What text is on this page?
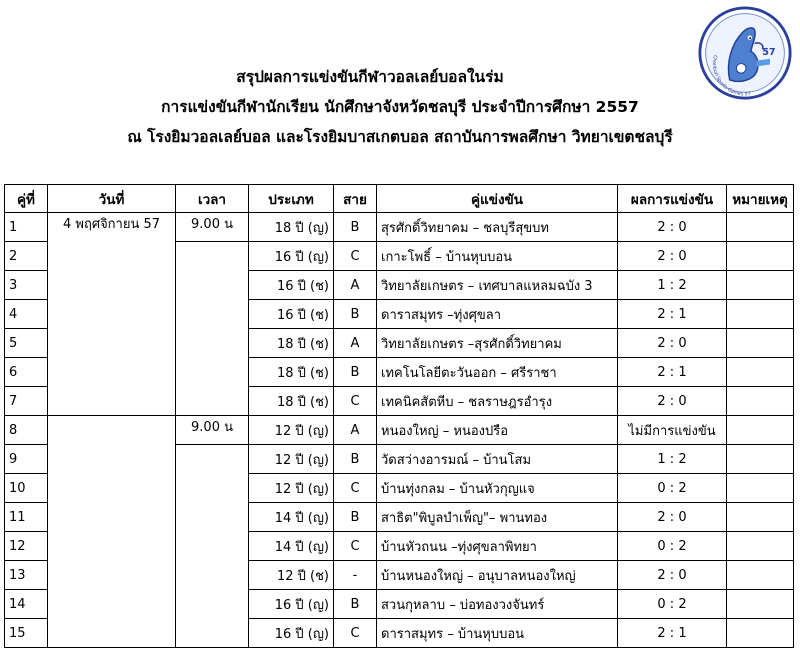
57
Chonburi Sports Games 57
สรุปผลการแข่งขันกีฬาวอลเลย์บอลในร่ม
การแข่งขันกีฬานักเรียน นักศึกษาจังหวัดชลบุรี ประจำปีการศึกษา 2557
ณ โรงยิมวอลเลย์บอล และโรงยิมบาสเกตบอล สถาบันการพลศึกษา วิทยาเขตชลบุรี
คู่ที่	วันที่	เวลา	ประเภท	สาย	คู่แข่งขัน	ผลการแข่งขัน	หมายเหตุ
1	4 พฤศจิกายน 57	9.00 น	18 ปี (ญ)	B	สุรศักดิ์วิทยาคม – ชลบุรีสุขบท	2 : 0	
2			16 ปี (ญ)	C	เกาะโพธิ์ – บ้านหุบบอน	2 : 0	
3			16 ปี (ช)	A	วิทยาลัยเกษตร – เทศบาลแหลมฉบัง 3	1 : 2	
4			16 ปี (ช)	B	ดาราสมุทร –ทุ่งศุขลา	2 : 1	
5			18 ปี (ช)	A	วิทยาลัยเกษตร –สุรศักดิ์วิทยาคม	2 : 0	
6			18 ปี (ช)	B	เทคโนโลยีตะวันออก – ศรีราชา	2 : 1	
7			18 ปี (ช)	C	เทคนิคสัตหีบ – ชลราษฎรอำรุง	2 : 0	
8		9.00 น	12 ปี (ญ)	A	หนองใหญ่ – หนองปรือ	ไม่มีการแข่งขัน	
9			12 ปี (ญ)	B	วัดสว่างอารมณ์ – บ้านโสม	1 : 2	
10			12 ปี (ญ)	C	บ้านทุ่งกลม – บ้านหัวกุญแจ	0 : 2	
11			14 ปี (ญ)	B	สาธิต"พิบูลบำเพ็ญ"– พานทอง	2 : 0	
12			14 ปี (ญ)	C	บ้านหัวถนน –ทุ่งศุขลาพิทยา	0 : 2	
13			12 ปี (ช)	-	บ้านหนองใหญ่ – อนุบาลหนองใหญ่	2 : 0	
14			16 ปี (ญ)	B	สวนกุหลาบ – บ่อทองวงจันทร์	0 : 2	
15			16 ปี (ญ)	C	ดาราสมุทร – บ้านหุบบอน	2 : 1	
